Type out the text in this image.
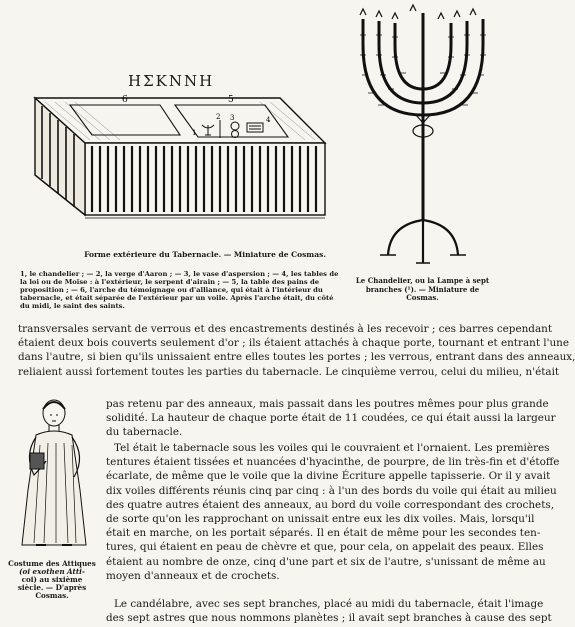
ΗΣΚΝΝΗ
6	5
1
2 3	4
Forme extérieure du Tabernacle. — Miniature de Cosmas.
1, le chandelier ; — 2, la verge d'Aaron ; — 3, le vase d'aspersion ; — 4, les tables de
la loi ou de Moïse : à l'extérieur, le serpent d'airain ; — 5, la table des pains de
proposition ; — 6, l'arche du témoignage ou d'alliance, qui était à l'intérieur du
tabernacle, et était séparée de l'extérieur par un voile. Après l'arche était, du côté
du midi, le saint des saints.
Le Chandelier, ou la Lampe à sept
branches (¹). — Miniature de Cosmas.
transversales servant de verrous et des encastrements destinés à les recevoir ; ces barres cependant
étaient deux bois couverts seulement d'or ; ils étaient attachés à chaque porte, tournant et entrant l'une
dans l'autre, si bien qu'ils unissaient entre elles toutes les portes ; les verrous, entrant dans des anneaux,
reliaient aussi fortement toutes les parties du tabernacle. Le cinquième verrou, celui du milieu, n'était
Costume des Attiques
(oi exothen Atti-
coi) au sixième
siècle. — D'après
Cosmas.
pas retenu par des anneaux, mais passait dans les poutres mêmes pour plus grande
solidité. La hauteur de chaque porte était de 11 coudées, ce qui était aussi la largeur
du tabernacle.
Tel était le tabernacle sous les voiles qui le couvraient et l'ornaient. Les premières
tentures étaient tissées et nuancées d'hyacinthe, de pourpre, de lin très-fin et d'étoffe
écarlate, de même que le voile que la divine Écriture appelle tapisserie. Or il y avait
dix voiles différents réunis cinq par cinq : à l'un des bords du voile qui était au milieu
des quatre autres étaient des anneaux, au bord du voile correspondant des crochets,
de sorte qu'on les rapprochant on unissait entre eux les dix voiles. Mais, lorsqu'il
était en marche, on les portait séparés. Il en était de même pour les secondes ten-
tures, qui étaient en peau de chèvre et que, pour cela, on appelait des peaux. Elles
étaient au nombre de onze, cinq d'une part et six de l'autre, s'unissant de même au
moyen d'anneaux et de crochets.
Le candélabre, avec ses sept branches, placé au midi du tabernacle, était l'image
des sept astres que nous nommons planètes ; il avait sept branches à cause des sept
